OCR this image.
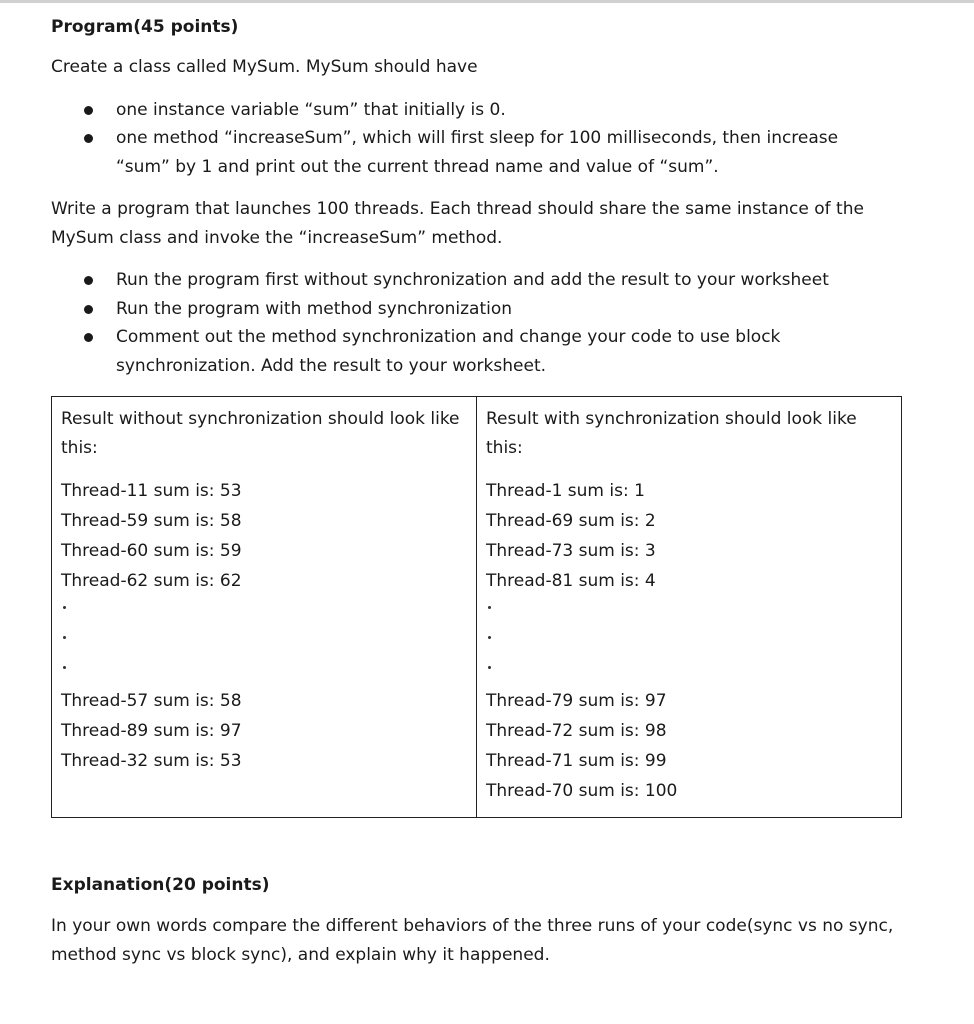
Program(45 points)

Create a class called MySum. MySum should have

one instance variable “sum” that initially is 0.
one method “increaseSum”, which will first sleep for 100 milliseconds, then increase “sum” by 1 and print out the current thread name and value of “sum”.

Write a program that launches 100 threads. Each thread should share the same instance of the MySum class and invoke the “increaseSum” method.

Run the program first without synchronization and add the result to your worksheet
Run the program with method synchronization
Comment out the method synchronization and change your code to use block synchronization. Add the result to your worksheet.

Result without synchronization should look like this:

Thread-11 sum is: 53

Thread-59 sum is: 58

Thread-60 sum is: 59

Thread-62 sum is: 62

Thread-57 sum is: 58

Thread-89 sum is: 97

Thread-32 sum is: 53

Result with synchronization should look like this:

Thread-1 sum is: 1

Thread-69 sum is: 2

Thread-73 sum is: 3

Thread-81 sum is: 4

Thread-79 sum is: 97

Thread-72 sum is: 98

Thread-71 sum is: 99

Thread-70 sum is: 100

Explanation(20 points)

In your own words compare the different behaviors of the three runs of your code(sync vs no sync, method sync vs block sync), and explain why it happened.
